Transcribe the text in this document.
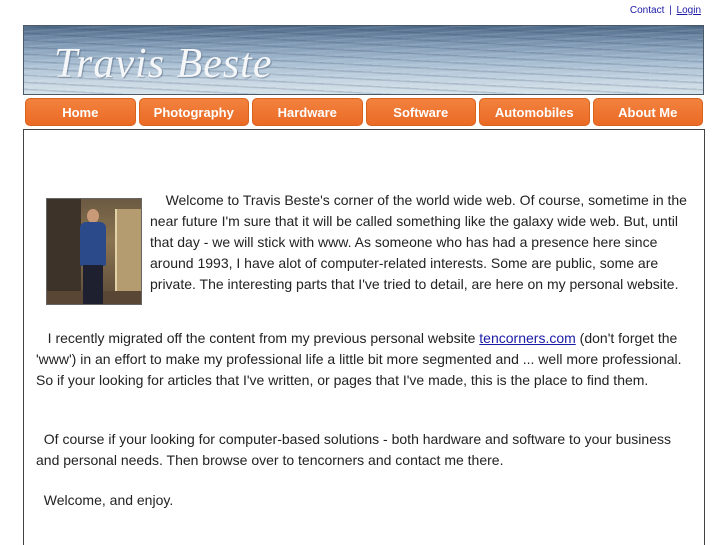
Contact | Login
Travis Beste
Home	Photography	Hardware	Software	Automobiles	About Me

Welcome to Travis Beste's corner of the world wide web. Of course, sometime in the near future I'm sure that it will be called something like the galaxy wide web. But, until that day - we will stick with www. As someone who has had a presence here since around 1993, I have alot of computer-related interests. Some are public, some are private. The interesting parts that I've tried to detail, are here on my personal website.

I recently migrated off the content from my previous personal website tencorners.com (don't forget the 'www') in an effort to make my professional life a little bit more segmented and ... well more professional. So if your looking for articles that I've written, or pages that I've made, this is the place to find them.

Of course if your looking for computer-based solutions - both hardware and software to your business and personal needs. Then browse over to tencorners and contact me there.

Welcome, and enjoy.
